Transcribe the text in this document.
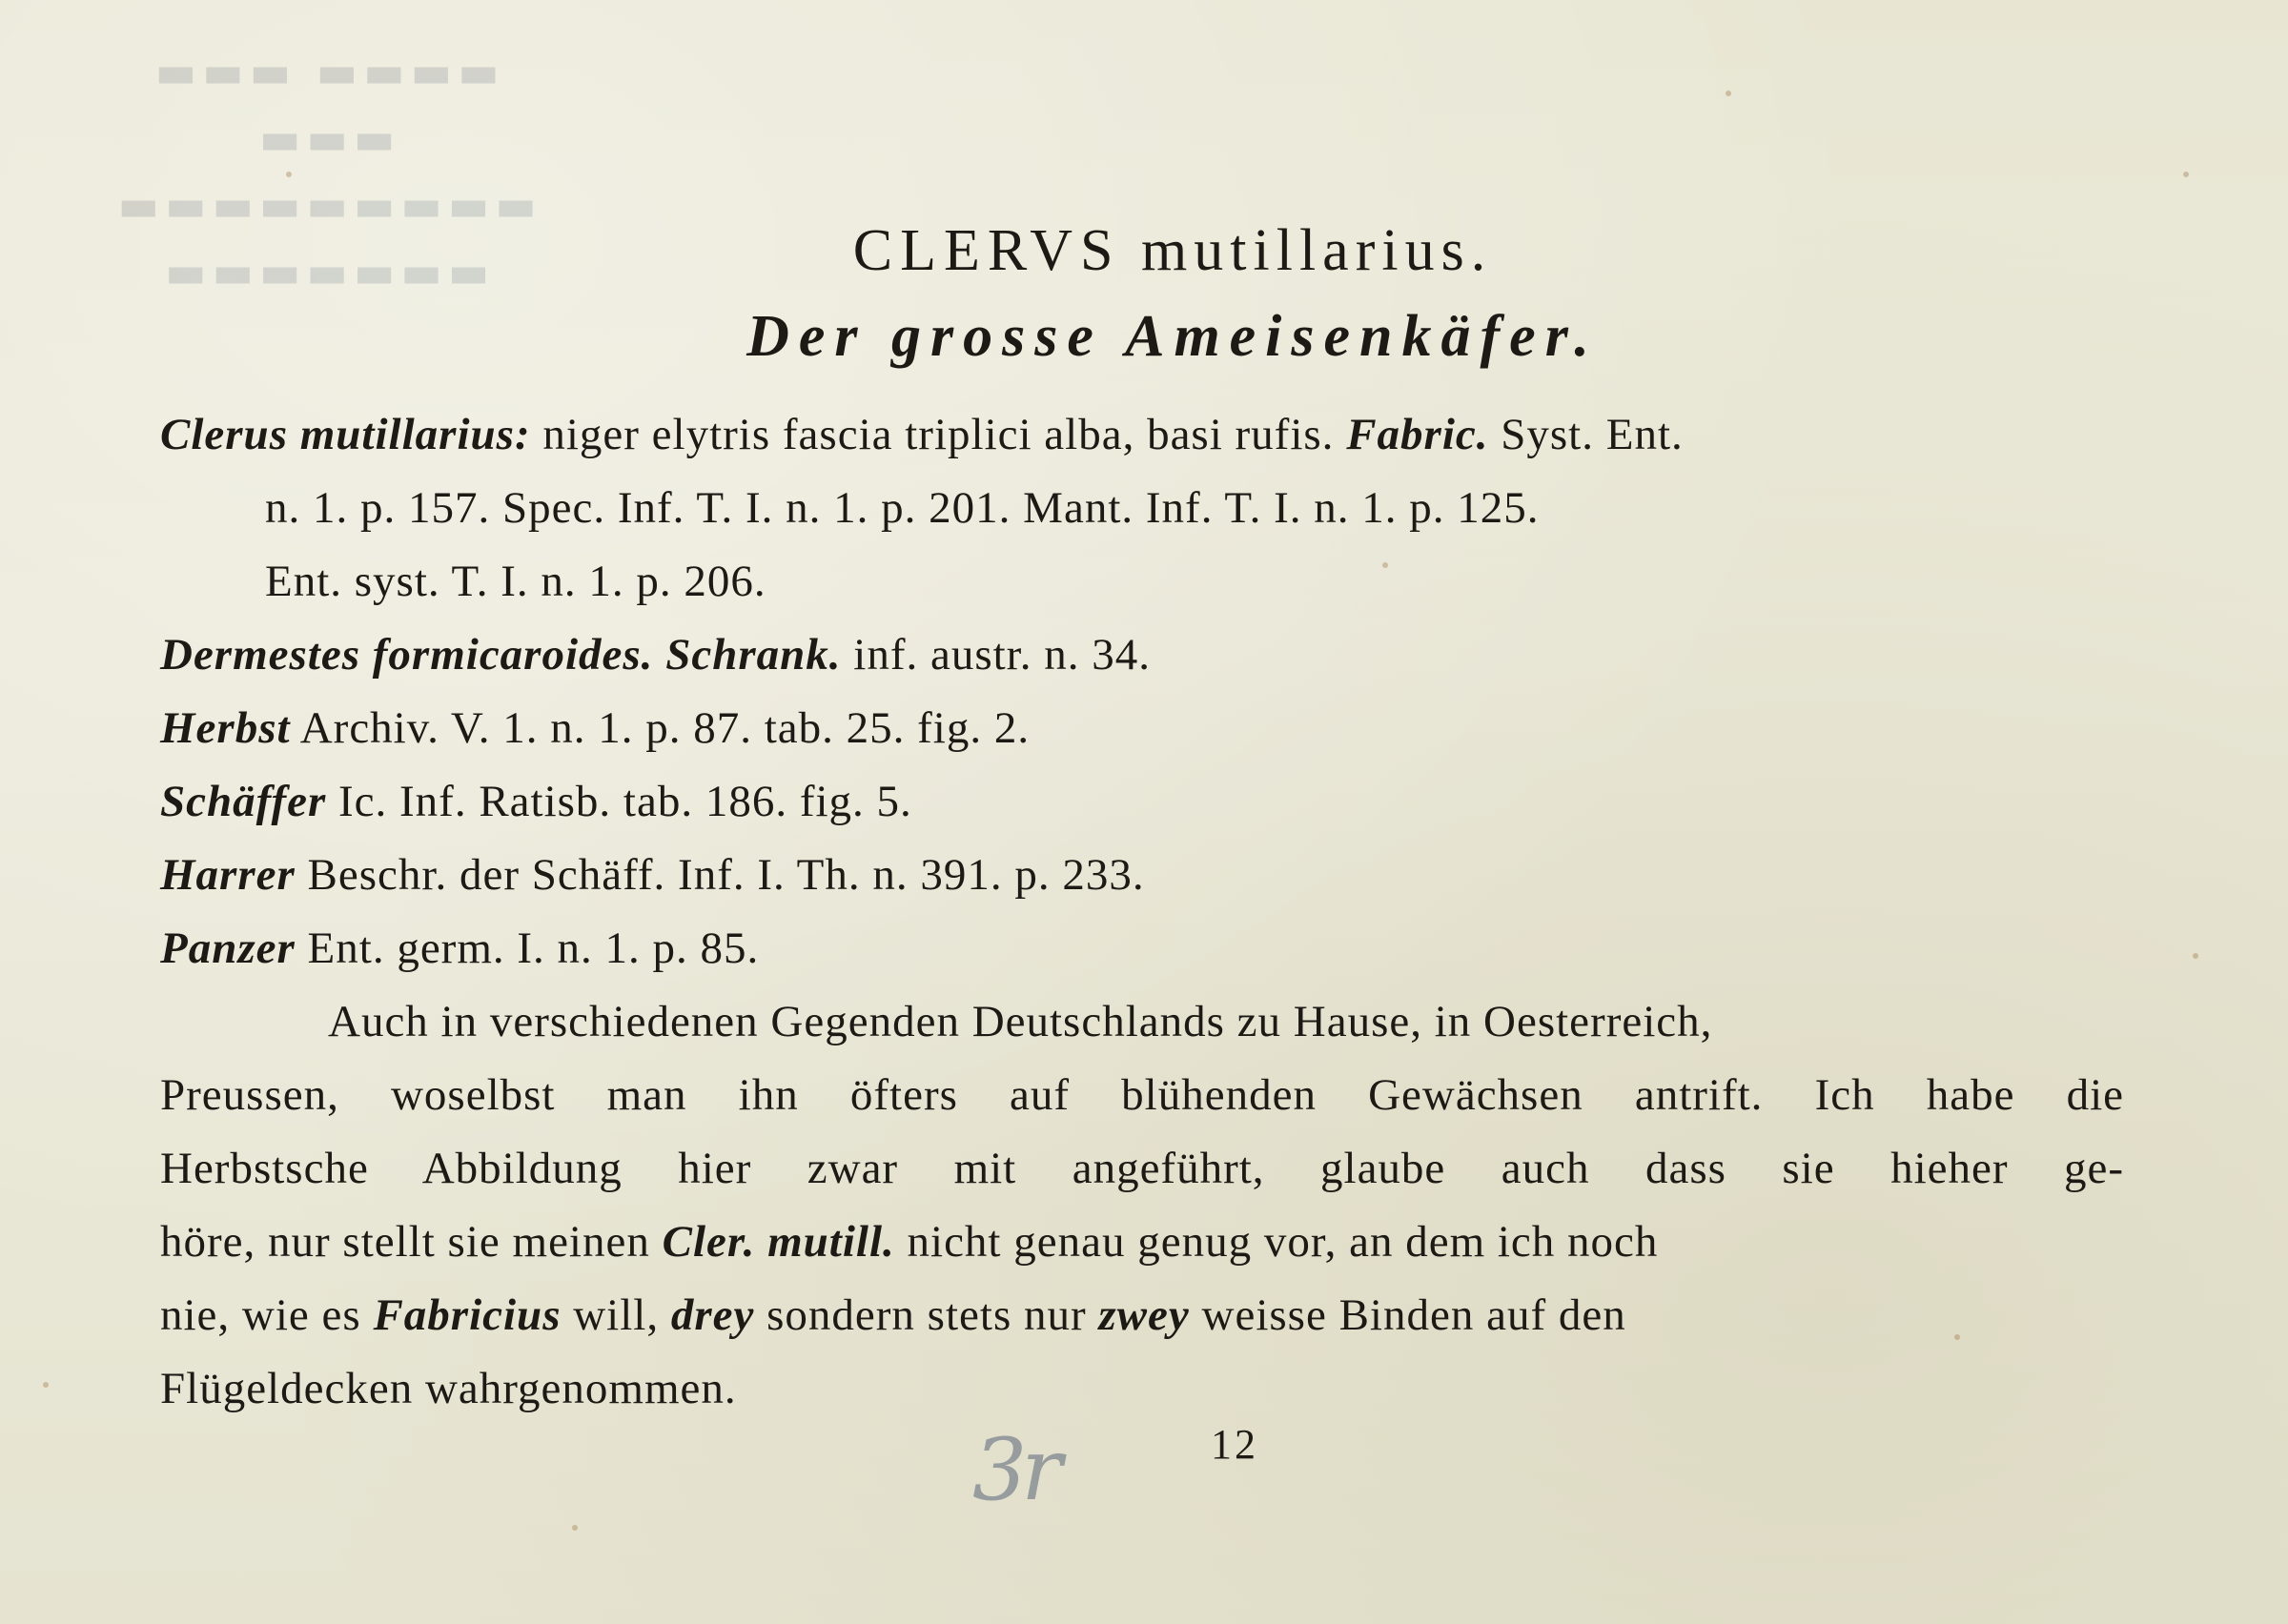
▬▬▬▬ ▬▬▬
▬▬▬
▬▬▬▬▬▬▬▬▬
▬▬▬▬▬▬▬	CLERVS mutillarius.
Der grosse Ameisenkäfer.
Clerus mutillarius: niger elytris fascia triplici alba, basi rufis. Fabric. Syst. Ent.
n. 1. p. 157. Spec. Inf. T. I. n. 1. p. 201. Mant. Inf. T. I. n. 1. p. 125.
Ent. syst. T. I. n. 1. p. 206.
Dermestes formicaroides. Schrank. inf. austr. n. 34.
Herbst Archiv. V. 1. n. 1. p. 87. tab. 25. fig. 2.
Schäffer Ic. Inf. Ratisb. tab. 186. fig. 5.
Harrer Beschr. der Schäff. Inf. I. Th. n. 391. p. 233.
Panzer Ent. germ. I. n. 1. p. 85.
Auch in verschiedenen Gegenden Deutschlands zu Hause, in Oesterreich,
Preussen, woselbst man ihn öfters auf blühenden Gewächsen antrift. Ich habe die
Herbstsche Abbildung hier zwar mit angeführt, glaube auch dass sie hieher ge-
höre, nur stellt sie meinen Cler. mutill. nicht genau genug vor, an dem ich noch
nie, wie es Fabricius will, drey sondern stets nur zwey weisse Binden auf den
Flügeldecken wahrgenommen.
3r	12
